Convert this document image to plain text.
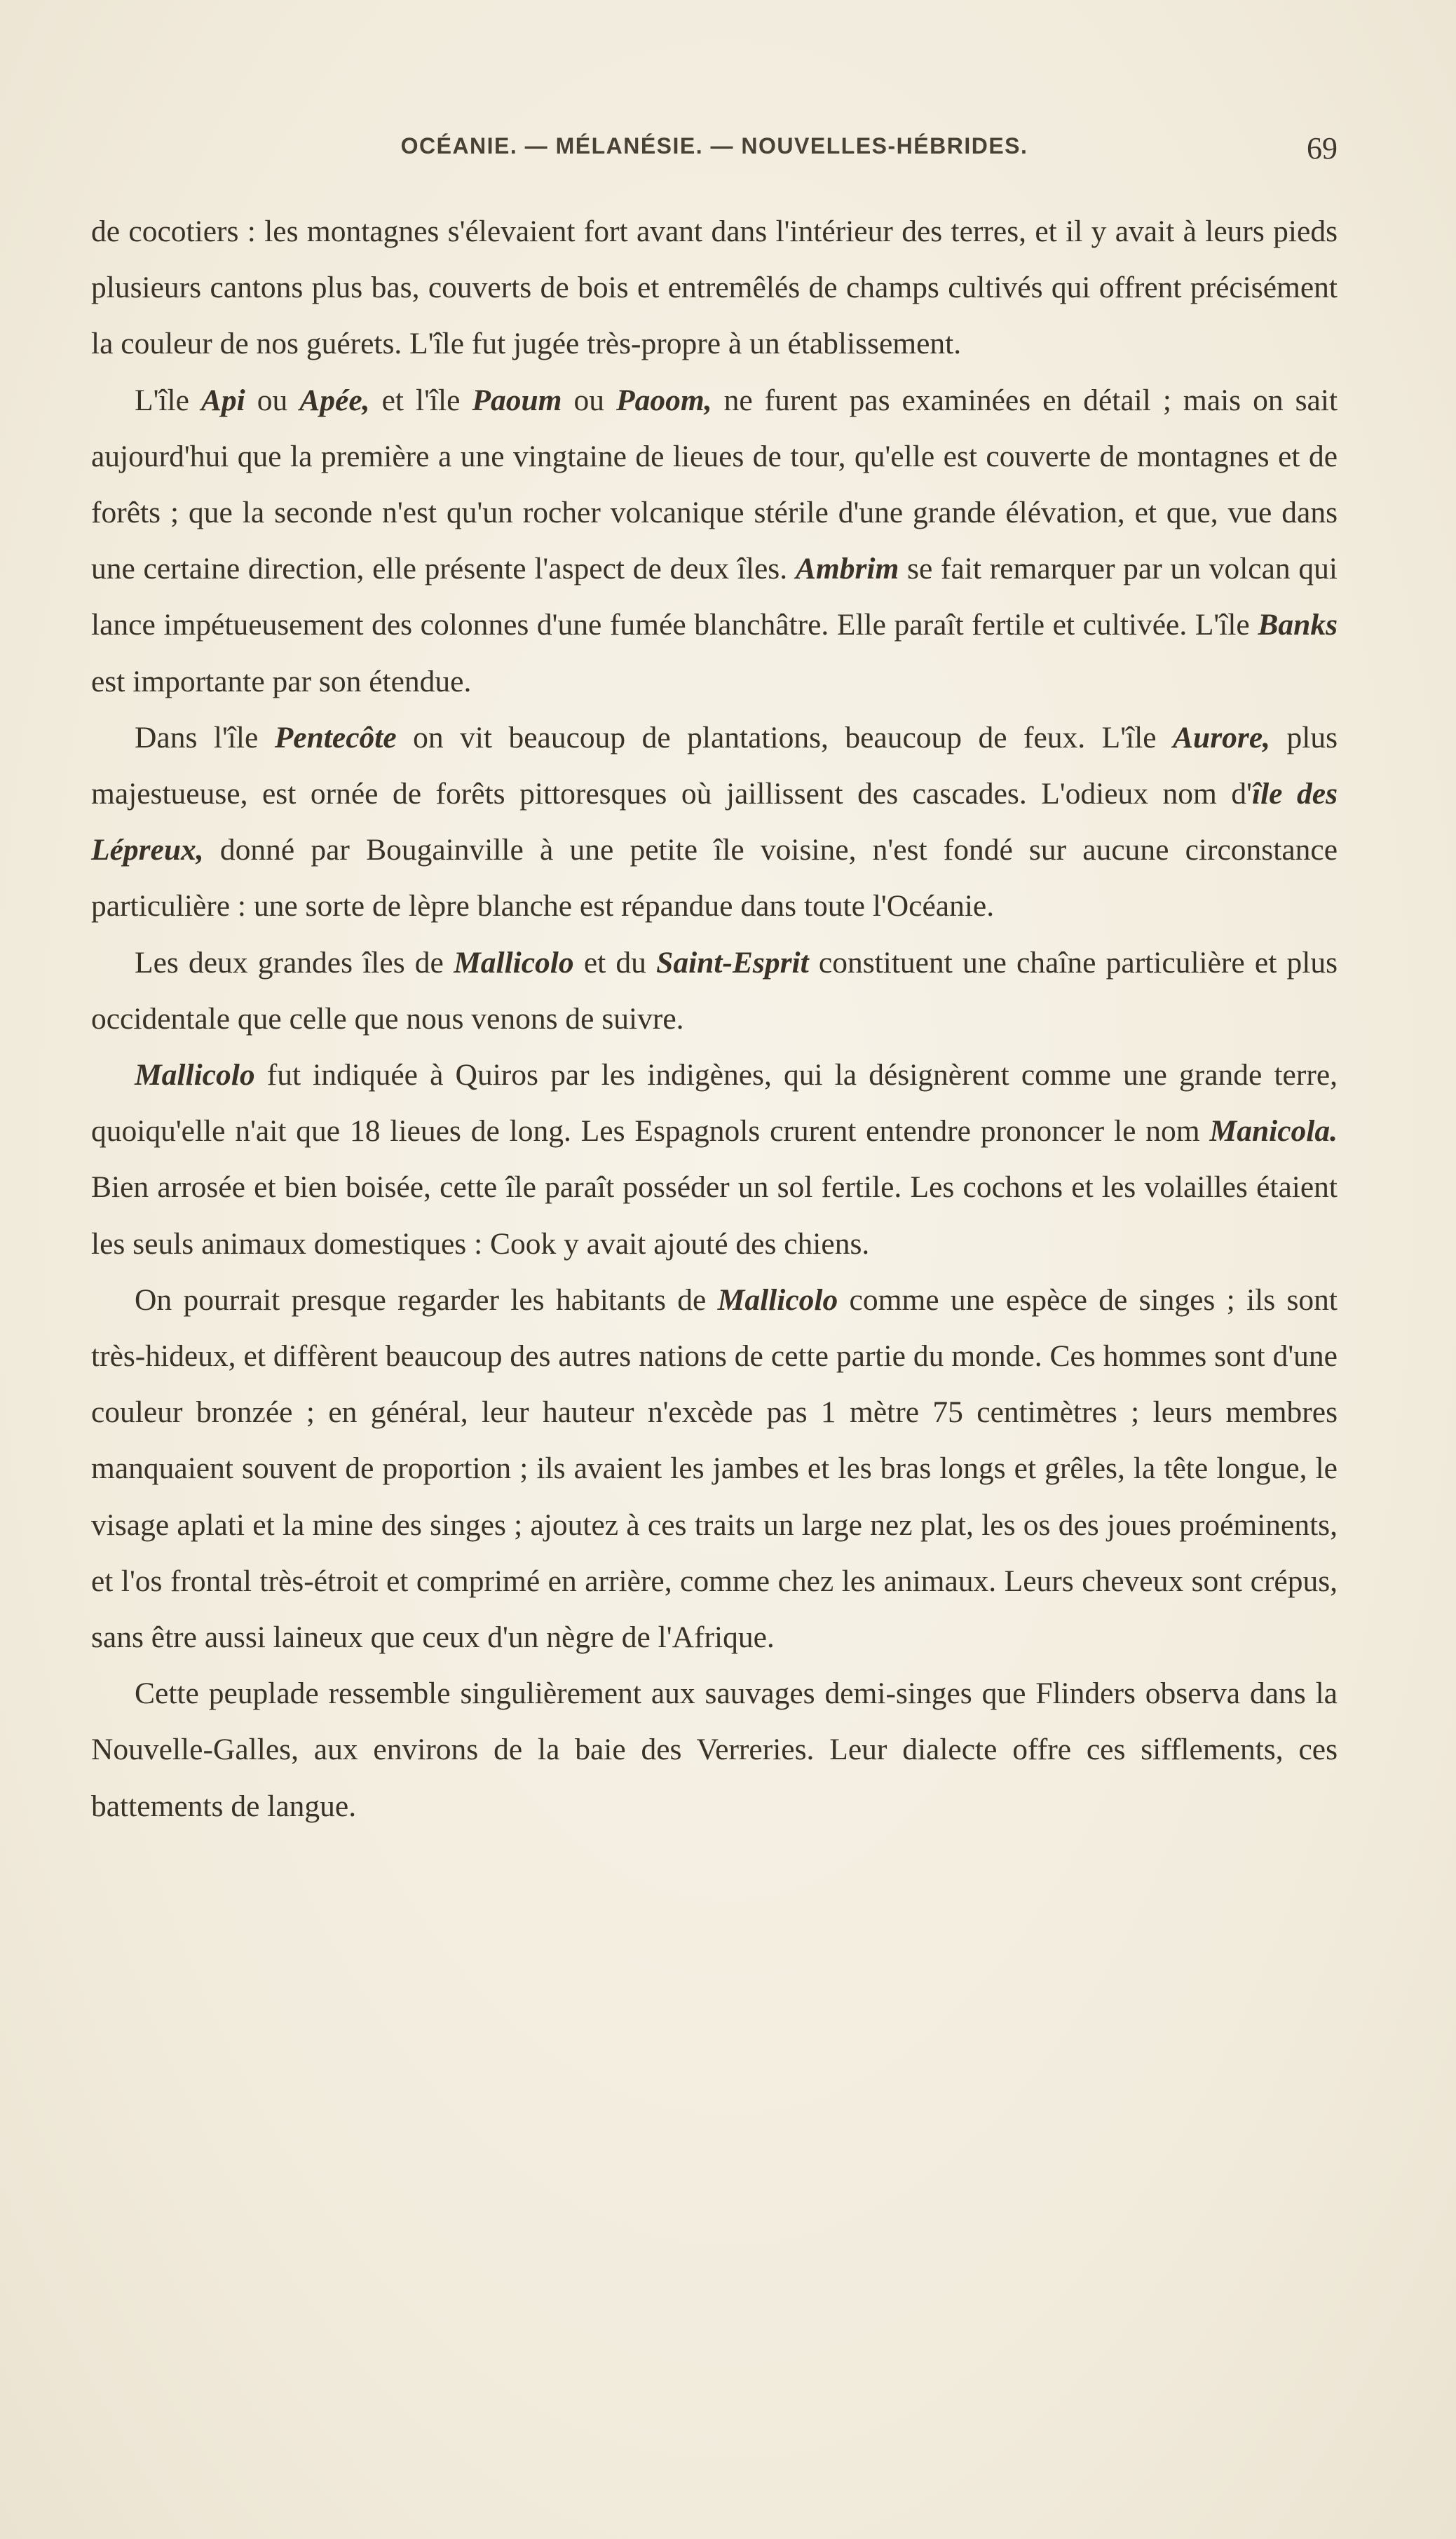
OCÉANIE. — MÉLANÉSIE. — NOUVELLES-HÉBRIDES.	69

de cocotiers : les montagnes s'élevaient fort avant dans l'intérieur des terres, et il y avait à leurs pieds plusieurs cantons plus bas, couverts de bois et entremêlés de champs cultivés qui offrent précisément la couleur de nos guérets. L'île fut jugée très-propre à un établissement.

L'île Api ou Apée, et l'île Paoum ou Paoom, ne furent pas examinées en détail ; mais on sait aujourd'hui que la première a une vingtaine de lieues de tour, qu'elle est couverte de montagnes et de forêts ; que la seconde n'est qu'un rocher volcanique stérile d'une grande élévation, et que, vue dans une certaine direction, elle présente l'aspect de deux îles. Ambrim se fait remarquer par un volcan qui lance impétueusement des colonnes d'une fumée blanchâtre. Elle paraît fertile et cultivée. L'île Banks est importante par son étendue.

Dans l'île Pentecôte on vit beaucoup de plantations, beaucoup de feux. L'île Aurore, plus majestueuse, est ornée de forêts pittoresques où jaillissent des cascades. L'odieux nom d'île des Lépreux, donné par Bougainville à une petite île voisine, n'est fondé sur aucune circonstance particulière : une sorte de lèpre blanche est répandue dans toute l'Océanie.

Les deux grandes îles de Mallicolo et du Saint-Esprit constituent une chaîne particulière et plus occidentale que celle que nous venons de suivre.

Mallicolo fut indiquée à Quiros par les indigènes, qui la désignèrent comme une grande terre, quoiqu'elle n'ait que 18 lieues de long. Les Espagnols crurent entendre prononcer le nom Manicola. Bien arrosée et bien boisée, cette île paraît posséder un sol fertile. Les cochons et les volailles étaient les seuls animaux domestiques : Cook y avait ajouté des chiens.

On pourrait presque regarder les habitants de Mallicolo comme une espèce de singes ; ils sont très-hideux, et diffèrent beaucoup des autres nations de cette partie du monde. Ces hommes sont d'une couleur bronzée ; en général, leur hauteur n'excède pas 1 mètre 75 centimètres ; leurs membres manquaient souvent de proportion ; ils avaient les jambes et les bras longs et grêles, la tête longue, le visage aplati et la mine des singes ; ajoutez à ces traits un large nez plat, les os des joues proéminents, et l'os frontal très-étroit et comprimé en arrière, comme chez les animaux. Leurs cheveux sont crépus, sans être aussi laineux que ceux d'un nègre de l'Afrique.

Cette peuplade ressemble singulièrement aux sauvages demi-singes que Flinders observa dans la Nouvelle-Galles, aux environs de la baie des Verreries. Leur dialecte offre ces sifflements, ces battements de langue.
